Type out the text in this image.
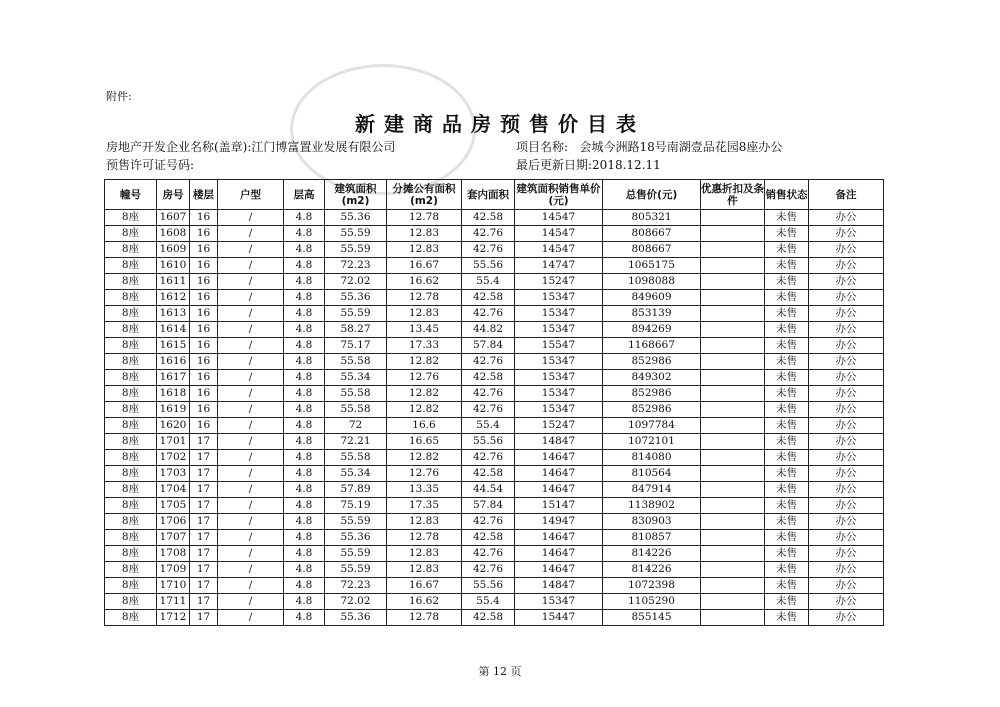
附件:
新建商品房预售价目表
房地产开发企业名称(盖章):江门博富置业发展有限公司
预售许可证号码:
项目名称: 会城今洲路18号南湖壹品花园8座办公
最后更新日期:2018.12.11
幢号	房号	楼层	户型	层高	建筑面积(m2)	分摊公有面积(m2)	套内面积	建筑面积销售单价(元)	总售价(元)	优惠折扣及条件	销售状态	备注
8座	1607	16	/	4.8	55.36	12.78	42.58	14547	805321		未售	办公
8座	1608	16	/	4.8	55.59	12.83	42.76	14547	808667		未售	办公
8座	1609	16	/	4.8	55.59	12.83	42.76	14547	808667		未售	办公
8座	1610	16	/	4.8	72.23	16.67	55.56	14747	1065175		未售	办公
8座	1611	16	/	4.8	72.02	16.62	55.4	15247	1098088		未售	办公
8座	1612	16	/	4.8	55.36	12.78	42.58	15347	849609		未售	办公
8座	1613	16	/	4.8	55.59	12.83	42.76	15347	853139		未售	办公
8座	1614	16	/	4.8	58.27	13.45	44.82	15347	894269		未售	办公
8座	1615	16	/	4.8	75.17	17.33	57.84	15547	1168667		未售	办公
8座	1616	16	/	4.8	55.58	12.82	42.76	15347	852986		未售	办公
8座	1617	16	/	4.8	55.34	12.76	42.58	15347	849302		未售	办公
8座	1618	16	/	4.8	55.58	12.82	42.76	15347	852986		未售	办公
8座	1619	16	/	4.8	55.58	12.82	42.76	15347	852986		未售	办公
8座	1620	16	/	4.8	72	16.6	55.4	15247	1097784		未售	办公
8座	1701	17	/	4.8	72.21	16.65	55.56	14847	1072101		未售	办公
8座	1702	17	/	4.8	55.58	12.82	42.76	14647	814080		未售	办公
8座	1703	17	/	4.8	55.34	12.76	42.58	14647	810564		未售	办公
8座	1704	17	/	4.8	57.89	13.35	44.54	14647	847914		未售	办公
8座	1705	17	/	4.8	75.19	17.35	57.84	15147	1138902		未售	办公
8座	1706	17	/	4.8	55.59	12.83	42.76	14947	830903		未售	办公
8座	1707	17	/	4.8	55.36	12.78	42.58	14647	810857		未售	办公
8座	1708	17	/	4.8	55.59	12.83	42.76	14647	814226		未售	办公
8座	1709	17	/	4.8	55.59	12.83	42.76	14647	814226		未售	办公
8座	1710	17	/	4.8	72.23	16.67	55.56	14847	1072398		未售	办公
8座	1711	17	/	4.8	72.02	16.62	55.4	15347	1105290		未售	办公
8座	1712	17	/	4.8	55.36	12.78	42.58	15447	855145		未售	办公
第 12 页
